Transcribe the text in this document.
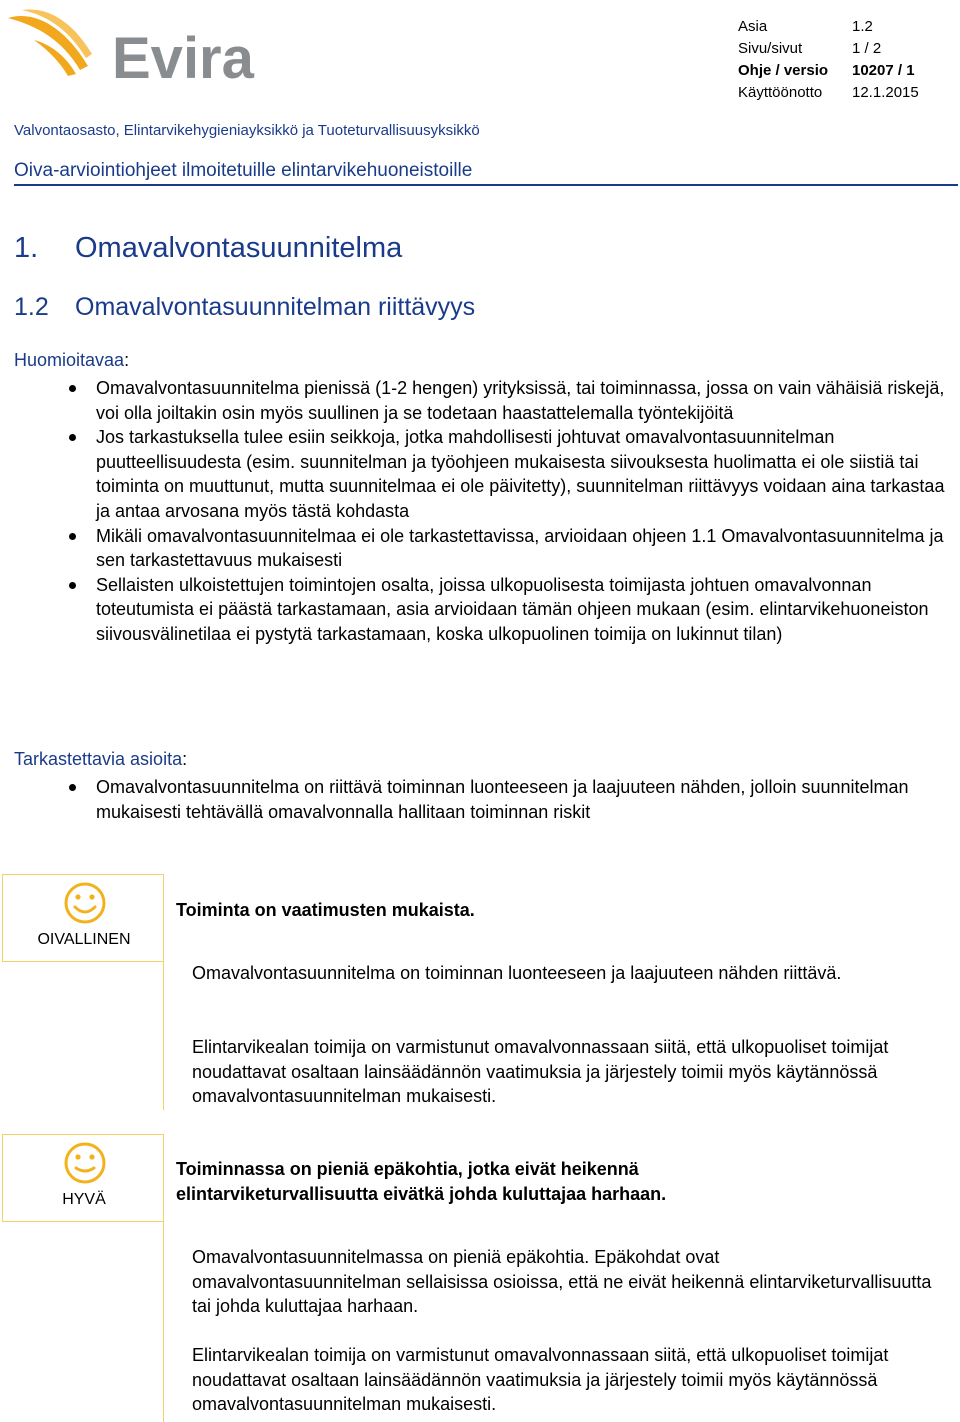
Evira	Asia	1.2
Sivu/sivut	1 / 2
Ohje / versio	10207 / 1
Käyttöönotto	12.1.2015
Valvontaosasto, Elintarvikehygieniayksikkö ja Tuoteturvallisuusyksikkö
Oiva-arviointiohjeet ilmoitetuille elintarvikehuoneistoille
1. Omavalvontasuunnitelma
1.2 Omavalvontasuunnitelman riittävyys
Huomioitavaa:
Omavalvontasuunnitelma pienissä (1-2 hengen) yrityksissä, tai toiminnassa, jossa on vain vähäisiä riskejä, voi olla joiltakin osin myös suullinen ja se todetaan haastattelemalla työntekijöitä
Jos tarkastuksella tulee esiin seikkoja, jotka mahdollisesti johtuvat omavalvontasuunnitelman puutteellisuudesta (esim. suunnitelman ja työohjeen mukaisesta siivouksesta huolimatta ei ole siistiä tai toiminta on muuttunut, mutta suunnitelmaa ei ole päivitetty), suunnitelman riittävyys voidaan aina tarkastaa ja antaa arvosana myös tästä kohdasta
Mikäli omavalvontasuunnitelmaa ei ole tarkastettavissa, arvioidaan ohjeen 1.1 Omavalvontasuunnitelma ja sen tarkastettavuus mukaisesti
Sellaisten ulkoistettujen toimintojen osalta, joissa ulkopuolisesta toimijasta johtuen omavalvonnan toteutumista ei päästä tarkastamaan, asia arvioidaan tämän ohjeen mukaan (esim. elintarvikehuoneiston siivousvälinetilaa ei pystytä tarkastamaan, koska ulkopuolinen toimija on lukinnut tilan)
Tarkastettavia asioita:
Omavalvontasuunnitelma on riittävä toiminnan luonteeseen ja laajuuteen nähden, jolloin suunnitelman mukaisesti tehtävällä omavalvonnalla hallitaan toiminnan riskit
OIVALLINEN
Toiminta on vaatimusten mukaista.
Omavalvontasuunnitelma on toiminnan luonteeseen ja laajuuteen nähden riittävä.
Elintarvikealan toimija on varmistunut omavalvonnassaan siitä, että ulkopuoliset toimijat noudattavat osaltaan lainsäädännön vaatimuksia ja järjestely toimii myös käytännössä omavalvontasuunnitelman mukaisesti.
HYVÄ
Toiminnassa on pieniä epäkohtia, jotka eivät heikennä elintarviketurvallisuutta eivätkä johda kuluttajaa harhaan.
Omavalvontasuunnitelmassa on pieniä epäkohtia. Epäkohdat ovat omavalvontasuunnitelman sellaisissa osioissa, että ne eivät heikennä elintarviketurvallisuutta tai johda kuluttajaa harhaan.
Elintarvikealan toimija on varmistunut omavalvonnassaan siitä, että ulkopuoliset toimijat noudattavat osaltaan lainsäädännön vaatimuksia ja järjestely toimii myös käytännössä omavalvontasuunnitelman mukaisesti.
